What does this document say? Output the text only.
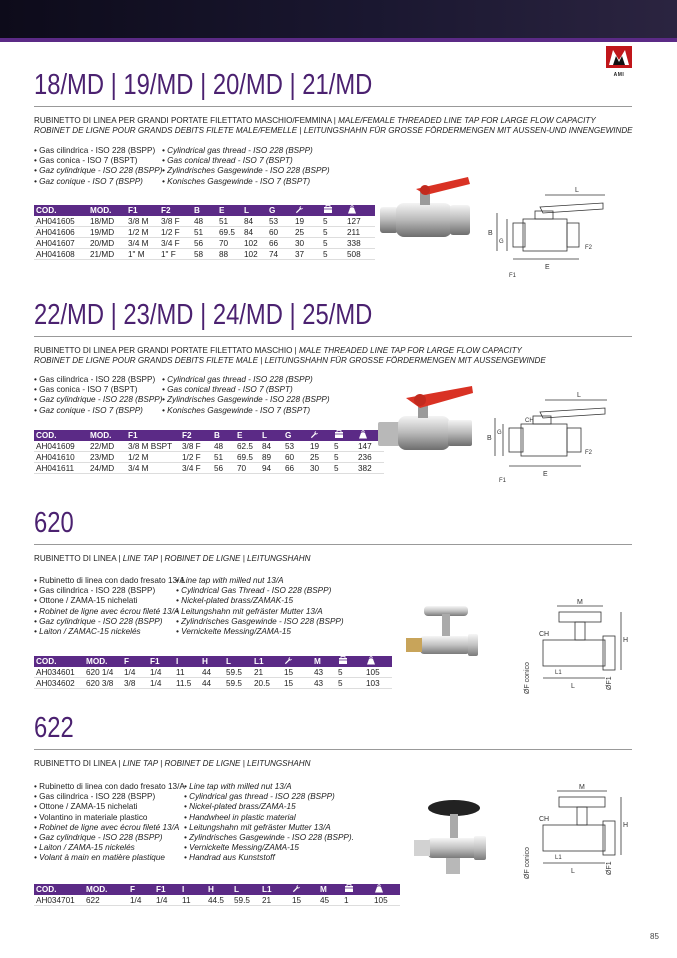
AMI
18/MD | 19/MD | 20/MD | 21/MD
RUBINETTO DI LINEA PER GRANDI PORTATE FILETTATO MASCHIO/FEMMINA | MALE/FEMALE THREADED LINE TAP FOR LARGE FLOW CAPACITY
ROBINET DE LIGNE POUR GRANDS DEBITS FILETE MALE/FEMELLE | LEITUNGSHAHN FÜR GROSSE FÖRDERMENGEN MIT AUSSEN-UND INNENGEWINDE
• Gas cilindrica - ISO 228 (BSPP)
• Gas conica - ISO 7 (BSPT)
• Gaz cylindrique - ISO 228 (BSPP)
• Gaz conique - ISO 7 (BSPP)
• Cylindrical gas thread - ISO 228 (BSPP)
• Gas conical thread - ISO 7 (BSPT)
• Zylindrisches Gasgewinde - ISO 228 (BSPP)
• Konisches Gasgewinde - ISO 7 (BSPT)
COD.	MOD.	F1	F2	B	E	L	G			
AH041605	18/MD	3/8 M	3/8 F	48	51	84	53	19	5	127
AH041606	19/MD	1/2 M	1/2 F	51	69.5	84	60	25	5	211
AH041607	20/MD	3/4 M	3/4 F	56	70	102	66	30	5	338
AH041608	21/MD	1" M	1" F	58	88	102	74	37	5	508
L
B
G
E
F1
F2
22/MD | 23/MD | 24/MD | 25/MD
RUBINETTO DI LINEA PER GRANDI PORTATE FILETTATO MASCHIO | MALE THREADED LINE TAP FOR LARGE FLOW CAPACITY
ROBINET DE LIGNE POUR GRANDS DEBITS FILETE MALE | LEITUNGSHAHN FÜR GROSSE FÖRDERMENGEN MIT AUSSENGEWINDE
• Gas cilindrica - ISO 228 (BSPP)
• Gas conica - ISO 7 (BSPT)
• Gaz cylindrique - ISO 228 (BSPP)
• Gaz conique - ISO 7 (BSPP)
• Cylindrical gas thread - ISO 228 (BSPP)
• Gas conical thread - ISO 7 (BSPT)
• Zylindrisches Gasgewinde - ISO 228 (BSPP)
• Konisches Gasgewinde - ISO 7 (BSPT)
COD.	MOD.	F1	F2	B	E	L	G			
AH041609	22/MD	3/8 M BSPT	3/8 F	48	62.5	84	53	19	5	147
AH041610	23/MD	1/2 M	1/2 F	51	69.5	89	60	25	5	236
AH041611	24/MD	3/4 M	3/4 F	56	70	94	66	30	5	382
L
B
G
CH
E
F1
F2
620
RUBINETTO DI LINEA | LINE TAP | ROBINET DE LIGNE | LEITUNGSHAHN
• Rubinetto di linea con dado fresato 13/A
• Gas cilindrica - ISO 228 (BSPP)
• Ottone / ZAMA-15 nichelati
• Robinet de ligne avec écrou fileté 13/A
• Gaz cylindrique - ISO 228 (BSPP)
• Laiton / ZAMAC-15 nickelés
• Line tap with milled nut 13/A
• Cylindrical Gas Thread - ISO 228 (BSPP)
• Nickel-plated brass/ZAMAK-15
• Leitungshahn mit gefräster Mutter 13/A
• Zylindrisches Gasgewinde - ISO 228 (BSPP)
• Vernickelte Messing/ZAMA-15
COD.	MOD.	F	F1	I	H	L	L1		M		
AH034601	620 1/4	1/4	1/4	11	44	59.5	21	15	43	5	105
AH034602	620 3/8	3/8	1/4	11.5	44	59.5	20.5	15	43	5	103
M
CH
H
ØF conico	L
L1
ØF1
622
RUBINETTO DI LINEA | LINE TAP | ROBINET DE LIGNE | LEITUNGSHAHN
• Rubinetto di linea con dado fresato 13/A
• Gas cilindrica - ISO 228 (BSPP)
• Ottone / ZAMA-15 nichelati
• Volantino in materiale plastico
• Robinet de ligne avec écrou fileté 13/A
• Gaz cylindrique - ISO 228 (BSPP)
• Laiton / ZAMA-15 nickelés
• Volant à main en matière plastique
• Line tap with milled nut 13/A
• Cylindrical gas thread - ISO 228 (BSPP)
• Nickel-plated brass/ZAMA-15
• Handwheel in plastic material
• Leitungshahn mit gefräster Mutter 13/A
• Zylindrisches Gasgewinde - ISO 228 (BSPP).
• Vernickelte Messing/ZAMA-15
• Handrad aus Kunststoff
COD.	MOD.	F	F1	I	H	L	L1		M		
AH034701	622	1/4	1/4	11	44.5	59.5	21	15	45	1	105
M
CH
H
ØF conico	L
L1
ØF1
85
